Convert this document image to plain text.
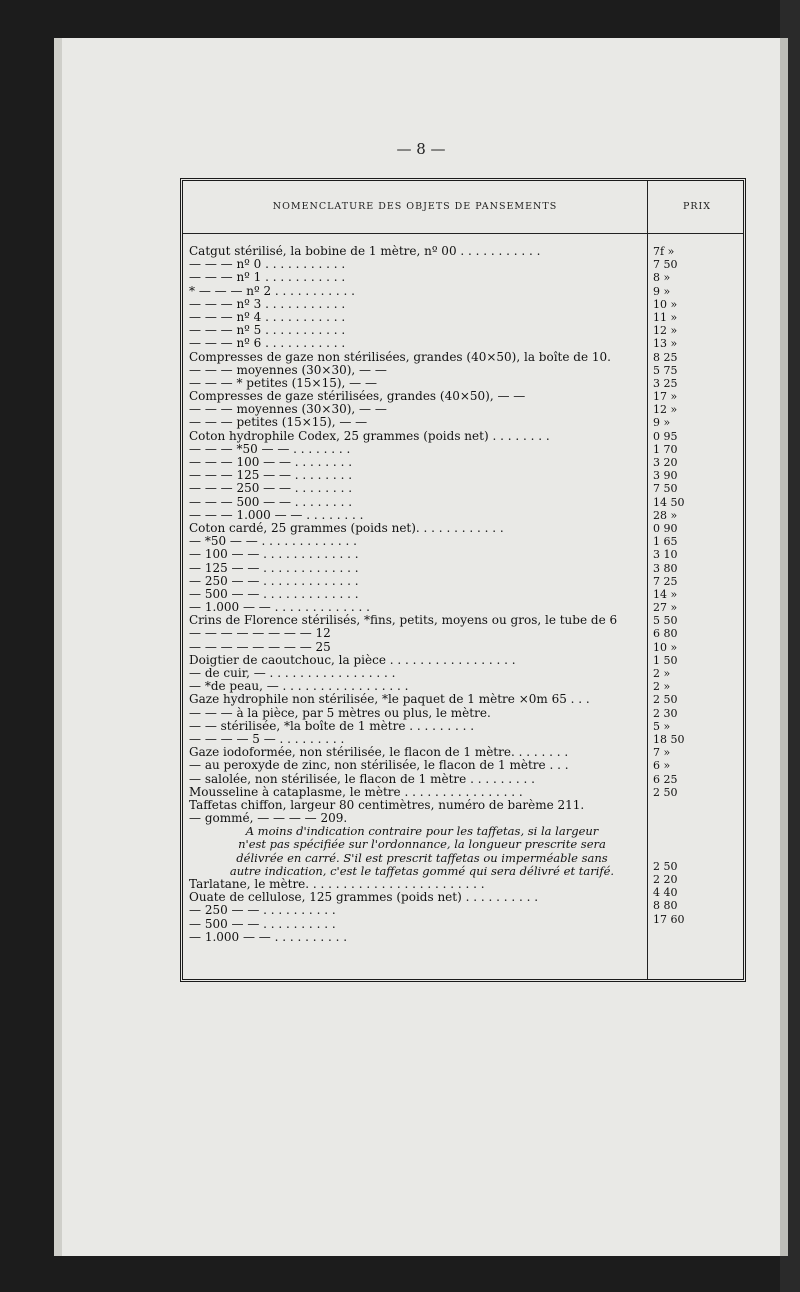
— 8 —
NOMENCLATURE DES OBJETS DE PANSEMENTS	PRIX
Catgut stérilisé, la bobine de 1 mètre, nº 00 . . . . . . . . . . .
— — — nº 0 . . . . . . . . . . .
— — — nº 1 . . . . . . . . . . .
* — — — nº 2 . . . . . . . . . . .
— — — nº 3 . . . . . . . . . . .
— — — nº 4 . . . . . . . . . . .
— — — nº 5 . . . . . . . . . . .
— — — nº 6 . . . . . . . . . . .
Compresses de gaze non stérilisées, grandes (40×50), la boîte de 10.
— — — moyennes (30×30), — —
— — — * petites (15×15), — —
Compresses de gaze stérilisées, grandes (40×50), — —
— — — moyennes (30×30), — —
— — — petites (15×15), — —
Coton hydrophile Codex, 25 grammes (poids net) . . . . . . . .
— — — *50 — — . . . . . . . .
— — — 100 — — . . . . . . . .
— — — 125 — — . . . . . . . .
— — — 250 — — . . . . . . . .
— — — 500 — — . . . . . . . .
— — — 1.000 — — . . . . . . . .
Coton cardé, 25 grammes (poids net). . . . . . . . . . . .
— *50 — — . . . . . . . . . . . . .
— 100 — — . . . . . . . . . . . . .
— 125 — — . . . . . . . . . . . . .
— 250 — — . . . . . . . . . . . . .
— 500 — — . . . . . . . . . . . . .
— 1.000 — — . . . . . . . . . . . . .
Crins de Florence stérilisés, *fins, petits, moyens ou gros, le tube de 6
— — — — — — — — 12
— — — — — — — — 25
Doigtier de caoutchouc, la pièce . . . . . . . . . . . . . . . . .
— de cuir, — . . . . . . . . . . . . . . . . .
— *de peau, — . . . . . . . . . . . . . . . . .
Gaze hydrophile non stérilisée, *le paquet de 1 mètre ×0m 65 . . .
— — — à la pièce, par 5 mètres ou plus, le mètre.
— — stérilisée, *la boîte de 1 mètre . . . . . . . . .
— — — — 5 — . . . . . . . . .
Gaze iodoformée, non stérilisée, le flacon de 1 mètre. . . . . . . .
— au peroxyde de zinc, non stérilisée, le flacon de 1 mètre . . .
— salolée, non stérilisée, le flacon de 1 mètre . . . . . . . . .
Mousseline à cataplasme, le mètre . . . . . . . . . . . . . . . .
Taffetas chiffon, largeur 80 centimètres, numéro de barème 211.
— gommé, — — — — 209.
A moins d'indication contraire pour les taffetas, si la largeur
n'est pas spécifiée sur l'ordonnance, la longueur prescrite sera
délivrée en carré. S'il est prescrit taffetas ou imperméable sans
autre indication, c'est le taffetas gommé qui sera délivré et tarifé.
Tarlatane, le mètre. . . . . . . . . . . . . . . . . . . . . . . .
Ouate de cellulose, 125 grammes (poids net) . . . . . . . . . .
— 250 — — . . . . . . . . . .
— 500 — — . . . . . . . . . .
— 1.000 — — . . . . . . . . . .
7f »
7 50
8 »
9 »
10 »
11 »
12 »
13 »
8 25
5 75
3 25
17 »
12 »
9 »
0 95
1 70
3 20
3 90
7 50
14 50
28 »
0 90
1 65
3 10
3 80
7 25
14 »
27 »
5 50
6 80
10 »
1 50
2 »
2 »
2 50
2 30
5 »
18 50
7 »
6 »
6 25
2 50
2 50
2 20
4 40
8 80
17 60
